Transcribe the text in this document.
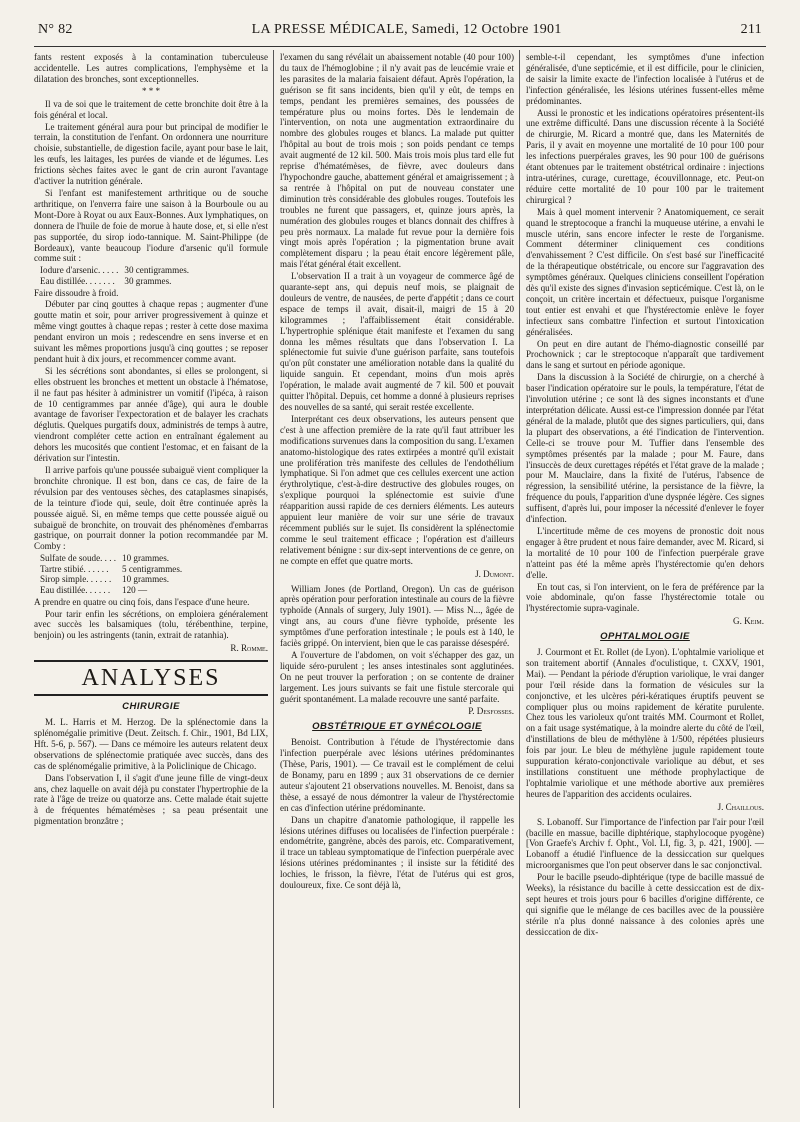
N° 82	LA PRESSE MÉDICALE, Samedi, 12 Octobre 1901	211

fants restent exposés à la contamination tuberculeuse accidentelle. Les autres complications, l'emphysème et la dilatation des bronches, sont exceptionnelles.

* * *

Il va de soi que le traitement de cette bronchite doit être à la fois général et local.

Le traitement général aura pour but principal de modifier le terrain, la constitution de l'enfant. On ordonnera une nourriture choisie, substantielle, de digestion facile, ayant pour base le lait, les œufs, les laitages, les purées de viande et de légumes. Les frictions sèches faites avec le gant de crin auront l'avantage d'activer la nutrition générale.

Si l'enfant est manifestement arthritique ou de souche arthritique, on l'enverra faire une saison à la Bourboule ou au Mont-Dore à Royat ou aux Eaux-Bonnes. Aux lymphatiques, on donnera de l'huile de foie de morue à haute dose, et, si elle n'est pas supportée, du sirop iodo-tannique. M. Saint-Philippe (de Bordeaux), vante beaucoup l'iodure d'arsenic qu'il formule comme suit :

Iodure d'arsenic. . . . .	30 centigrammes.
Eau distillée. . . . . . .	30 grammes.

Faire dissoudre à froid.

Débuter par cinq gouttes à chaque repas ; augmenter d'une goutte matin et soir, pour arriver progressivement à quinze et même vingt gouttes à chaque repas ; rester à cette dose maxima pendant environ un mois ; redescendre en sens inverse et en suivant les mêmes proportions jusqu'à cinq gouttes ; se reposer pendant huit à dix jours, et recommencer comme avant.

Si les sécrétions sont abondantes, si elles se prolongent, si elles obstruent les bronches et mettent un obstacle à l'hématose, il ne faut pas hésiter à administrer un vomitif (l'ipéca, à raison de 10 centigrammes par année d'âge), qui aura le double avantage de favoriser l'expectoration et de balayer les crachats déglutis. Quelques purgatifs doux, administrés de temps à autre, viendront compléter cette action en entraînant également au dehors les mucosités que contient l'estomac, et en faisant de la dérivation sur l'intestin.

Il arrive parfois qu'une poussée subaiguë vient compliquer la bronchite chronique. Il est bon, dans ce cas, de faire de la révulsion par des ventouses sèches, des cataplasmes sinapisés, de la teinture d'iode qui, seule, doit être continuée après la poussée aiguë. Si, en même temps que cette poussée aiguë ou subaiguë de bronchite, on trouvait des phénomènes d'embarras gastrique, on pourrait donner la potion recommandée par M. Comby :

Sulfate de soude. . . .	10 grammes.
Tartre stibié. . . . . .	5 centigrammes.
Sirop simple. . . . . .	10 grammes.
Eau distillée. . . . . .	120 —

A prendre en quatre ou cinq fois, dans l'espace d'une heure.

Pour tarir enfin les sécrétions, on emploiera généralement avec succès les balsamiques (tolu, térébenthine, terpine, benjoin) ou les astringents (tanin, extrait de ratanhia).

R. Romme.
ANALYSES
CHIRURGIE

M. L. Harris et M. Herzog. De la splénectomie dans la splénomégalie primitive (Deut. Zeitsch. f. Chir., 1901, Bd LIX, Hft. 5-6, p. 567). — Dans ce mémoire les auteurs relatent deux observations de splénectomie pratiquée avec succès, dans des cas de splénomégalie primitive, à la Policlinique de Chicago.

Dans l'observation I, il s'agit d'une jeune fille de vingt-deux ans, chez laquelle on avait déjà pu constater l'hypertrophie de la rate à l'âge de treize ou quatorze ans. Cette malade était sujette à de fréquentes hématémèses ; sa peau présentait une pigmentation bronzâtre ;

l'examen du sang révélait un abaissement notable (40 pour 100) du taux de l'hémoglobine ; il n'y avait pas de leucémie vraie et les parasites de la malaria faisaient défaut. Après l'opération, la guérison se fit sans incidents, bien qu'il y eût, de temps en temps, pendant les premières semaines, des poussées de température plus ou moins fortes. Dès le lendemain de l'intervention, on nota une augmentation extraordinaire du nombre des globules rouges et blancs. La malade put quitter l'hôpital au bout de trois mois ; son poids pendant ce temps avait augmenté de 12 kil. 500. Mais trois mois plus tard elle fut reprise d'hématémèses, de fièvre, avec douleurs dans l'hypochondre gauche, abattement général et amaigrissement ; à sa rentrée à l'hôpital on put de nouveau constater une diminution très considérable des globules rouges. Toutefois les troubles ne furent que passagers, et, quinze jours après, la numération des globules rouges et blancs donnait des chiffres à peu près normaux. La malade fut revue pour la dernière fois vingt mois après l'opération ; la pigmentation brune avait complètement disparu ; la peau était encore légèrement pâle, mais l'état général était excellent.

L'observation II a trait à un voyageur de commerce âgé de quarante-sept ans, qui depuis neuf mois, se plaignait de douleurs de ventre, de nausées, de perte d'appétit ; dans ce court espace de temps il avait, disait-il, maigri de 15 à 20 kilogrammes ; l'affaiblissement était considérable. L'hypertrophie splénique était manifeste et l'examen du sang donna les mêmes résultats que dans l'observation I. La splénectomie fut suivie d'une guérison parfaite, sans toutefois qu'on pût constater une amélioration notable dans la qualité du liquide sanguin. Et cependant, moins d'un mois après l'opération, le malade avait augmenté de 7 kil. 500 et pouvait quitter l'hôpital. Depuis, cet homme a donné à plusieurs reprises des nouvelles de sa santé, qui serait restée excellente.

Interprétant ces deux observations, les auteurs pensent que c'est à une affection première de la rate qu'il faut attribuer les modifications survenues dans la composition du sang. L'examen anatomo-histologique des rates extirpées a montré qu'il existait une prolifération très manifeste des cellules de l'endothélium lymphatique. Si l'on admet que ces cellules exercent une action érythrolytique, c'est-à-dire destructive des globules rouges, on s'explique pourquoi la splénectomie est suivie d'une réapparition aussi rapide de ces derniers éléments. Les auteurs appuient leur manière de voir sur une série de travaux récemment publiés sur le sujet. Ils considèrent la splénectomie comme le seul traitement efficace ; l'opération est d'ailleurs relativement bénigne : sur dix-sept interventions de ce genre, on ne compte en effet que quatre morts.

J. Dumont.

William Jones (de Portland, Oregon). Un cas de guérison après opération pour perforation intestinale au cours de la fièvre typhoïde (Annals of surgery, July 1901). — Miss N..., âgée de vingt ans, au cours d'une fièvre typhoïde, présente les symptômes d'une perforation intestinale ; le pouls est à 140, le faciès grippé. On intervient, bien que le cas paraisse désespéré.

A l'ouverture de l'abdomen, on voit s'échapper des gaz, un liquide séro-purulent ; les anses intestinales sont agglutinées. On ne peut trouver la perforation ; on se contente de drainer largement. Les jours suivants se fait une fistule stercorale qui guérit spontanément. La malade recouvre une santé parfaite.

P. Desfosses.
OBSTÉTRIQUE ET GYNÉCOLOGIE

Benoist. Contribution à l'étude de l'hystérectomie dans l'infection puerpérale avec lésions utérines prédominantes (Thèse, Paris, 1901). — Ce travail est le complément de celui de Bonamy, paru en 1899 ; aux 31 observations de ce dernier auteur s'ajoutent 21 observations nouvelles. M. Benoist, dans sa thèse, a essayé de nous démontrer la valeur de l'hystérectomie en cas d'infection utérine prédominante.

Dans un chapitre d'anatomie pathologique, il rappelle les lésions utérines diffuses ou localisées de l'infection puerpérale : endométrite, gangrène, abcès des parois, etc. Comparativement, il trace un tableau symptomatique de l'infection puerpérale avec lésions utérines prédominantes ; il insiste sur la fétidité des lochies, le frisson, la fièvre, l'état de l'utérus qui est gros, douloureux, fixe. Ce sont déjà là,

semble-t-il cependant, les symptômes d'une infection généralisée, d'une septicémie, et il est difficile, pour le clinicien, de saisir la limite exacte de l'infection localisée à l'utérus et de l'infection généralisée, les lésions utérines fussent-elles même prédominantes.

Aussi le pronostic et les indications opératoires présentent-ils une extrême difficulté. Dans une discussion récente à la Société de chirurgie, M. Ricard a montré que, dans les Maternités de Paris, il y avait en moyenne une mortalité de 10 pour 100 pour les infections puerpérales graves, les 90 pour 100 de guérisons étant obtenues par le traitement obstétrical ordinaire : injections intra-utérines, curage, curettage, écouvillonnage, etc. Peut-on réduire cette mortalité de 10 pour 100 par le traitement chirurgical ?

Mais à quel moment intervenir ? Anatomiquement, ce serait quand le streptocoque a franchi la muqueuse utérine, a envahi le muscle utérin, sans encore infecter le reste de l'organisme. Comment déterminer cliniquement ces conditions d'envahissement ? C'est difficile. On s'est basé sur l'inefficacité de la thérapeutique obstétricale, ou encore sur l'aggravation des symptômes généraux. Quelques cliniciens conseillent l'opération dès qu'il existe des signes d'invasion septicémique. C'est là, on le conçoit, un critère incertain et défectueux, puisque l'organisme tout entier est envahi et que l'hystérectomie enlève le foyer infectieux sans combattre l'infection et surtout l'intoxication généralisées.

On peut en dire autant de l'hémo-diagnostic conseillé par Prochownick ; car le streptocoque n'apparaît que tardivement dans le sang et surtout en période agonique.

Dans la discussion à la Société de chirurgie, on a cherché à baser l'indication opératoire sur le pouls, la température, l'état de l'involution utérine ; ce sont là des signes inconstants et d'une interprétation délicate. Aussi est-ce l'impression donnée par l'état général de la malade, plutôt que des signes particuliers, qui, dans la plupart des observations, a été l'indication de l'intervention. Celle-ci se trouve pour M. Tuffier dans l'ensemble des symptômes présentés par la malade ; pour M. Faure, dans l'insuccès de deux curettages répétés et l'état grave de la malade ; pour M. Mauclaire, dans la fixité de l'utérus, l'absence de régression, la sensibilité utérine, la persistance de la fièvre, la fréquence du pouls, l'apparition d'une dyspnée légère. Ces signes suffisent, d'après lui, pour imposer la nécessité d'enlever le foyer d'infection.

L'incertitude même de ces moyens de pronostic doit nous engager à être prudent et nous faire demander, avec M. Ricard, si la mortalité de 10 pour 100 de l'infection puerpérale grave n'atteint pas été la même après l'hystérectomie qu'en dehors d'elle.

En tout cas, si l'on intervient, on le fera de préférence par la voie abdominale, qu'on fasse l'hystérectomie totale ou l'hystérectomie supra-vaginale.

G. Keim.
OPHTALMOLOGIE

J. Courmont et Et. Rollet (de Lyon). L'ophtalmie variolique et son traitement abortif (Annales d'oculistique, t. CXXV, 1901, Mai). — Pendant la période d'éruption variolique, le vrai danger pour l'œil réside dans la formation de vésicules sur la conjonctive, et les ulcères péri-kératiques éruptifs peuvent se compliquer plus ou moins rapidement de kératite purulente. Chez tous les varioleux qu'ont traités MM. Courmont et Rollet, on a fait usage systématique, à la moindre alerte du côté de l'œil, d'instillations de bleu de méthylène à 1/500, répétées plusieurs fois par jour. Le bleu de méthylène jugule rapidement toute suppuration kérato-conjonctivale variolique au début, et ses instillations constituent une méthode prophylactique de l'ophtalmie variolique et une méthode abortive aux premières heures de l'apparition des accidents oculaires.

J. Chaillous.

S. Lobanoff. Sur l'importance de l'infection par l'air pour l'œil (bacille en massue, bacille diphtérique, staphylocoque pyogène) [Von Graefe's Archiv f. Opht., Vol. LI, fig. 3, p. 421, 1900]. — Lobanoff a étudié l'influence de la dessiccation sur quelques microorganismes que l'on peut observer dans le sac conjonctival.

Pour le bacille pseudo-diphtérique (type de bacille massué de Weeks), la résistance du bacille à cette dessiccation est de dix-sept heures et trois jours pour 6 bacilles d'origine différente, ce qui signifie que le mélange de ces bacilles avec de la poussière stérile n'a plus donné naissance à des colonies après une dessiccation de dix-
